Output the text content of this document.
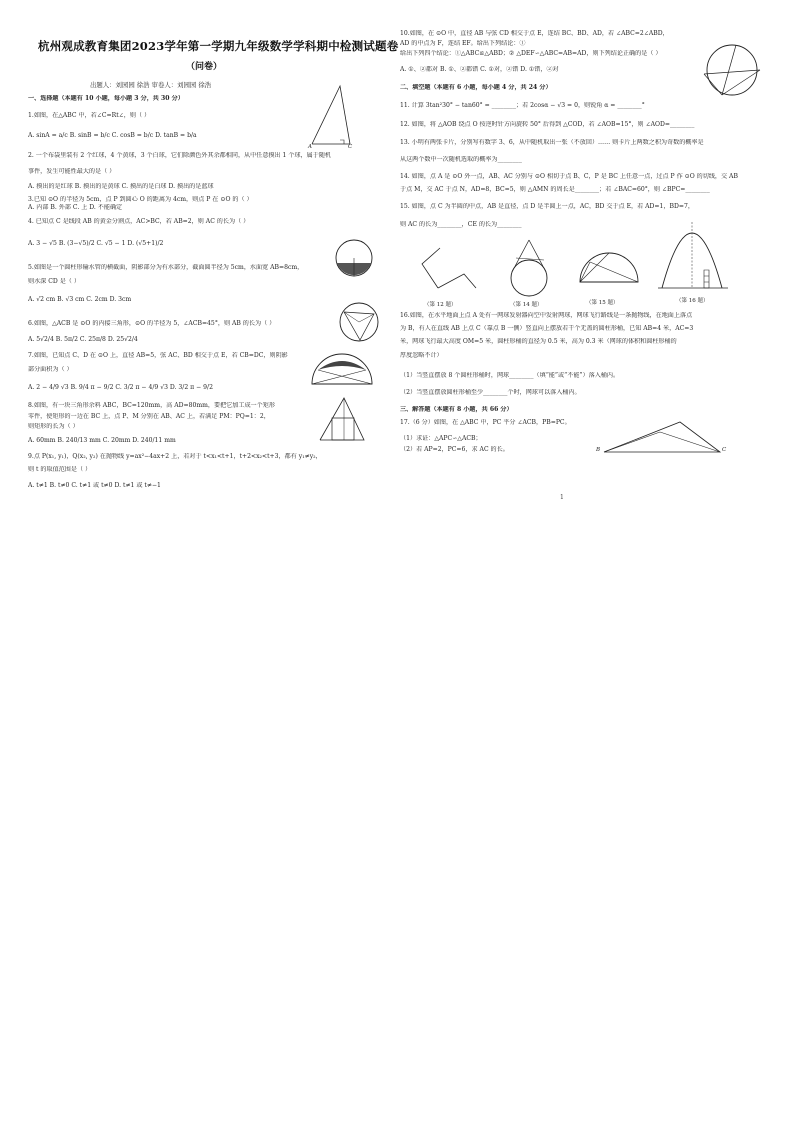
杭州观成教育集团2023学年第一学期九年级数学学科期中检测试题卷
（问卷）
出题人：刘园园 徐浩 审卷人：刘园园 徐浩
一、选择题（本题有 10 小题，每小题 3 分，共 30 分）
1.如图，在△ABC 中，若∠C=Rt∠，则（ ）
A. sinA = a/c B. sinB = b/c C. cosB = b/c D. tanB = b/a
2. 一个布袋里装有 2 个红球，4 个黄球，3 个白球，它们除颜色外其余都相同，从中任意摸出 1 个球，属于随机
事件，发生可能性最大的是（ ）
A. 摸出的是红球 B. 摸出的是黄球 C. 摸出的是白球 D. 摸出的是蓝球
3.已知 ⊙O 的半径为 5cm，点 P 到圆心 O 的距离为 4cm，则点 P 在 ⊙O 的（ ）
A. 内部 B. 外部 C. 上 D. 不能确定
4. 已知点 C 是线段 AB 的黄金分割点，AC>BC，若 AB=2，则 AC 的长为（ ）
A. 3 − √5 B. (3−√5)/2 C. √5 − 1 D. (√5+1)/2
5.如图是一个圆柱形输水管的横截面，阴影部分为有水部分，截面圆半径为 5cm，水面宽 AB=8cm，
则水深 CD 是（ ）
A. √2 cm B. √3 cm C. 2cm D. 3cm
6.如图，△ACB 是 ⊙O 的内接三角形，⊙O 的半径为 5，∠ACB=45°，则 AB 的长为（ ）
A. 5√2/4 B. 5π/2 C. 25π/8 D. 25√2/4
7.如图，已知点 C、D 在 ⊙O 上，直径 AB=5，弦 AC、BD 相交于点 E，若 CB=DC，则阴影
部分面积为（ ）
A. 2 − 4/9 √3 B. 9/4 π − 9/2 C. 3/2 π − 4/9 √3 D. 3/2 π − 9/2
8.如图，有一块三角形余料 ABC，BC=120mm，高 AD=80mm，要把它加工成一个矩形
零件，使矩形的一边在 BC 上，点 P、M 分别在 AB、AC 上，若满足 PM：PQ=1：2，
则矩形的长为（ ）
A. 60mm B. 240/13 mm C. 20mm D. 240/11 mm
9.点 P(x₁, y₁)，Q(x₂, y₂) 在抛物线 y=ax²−4ax+2 上，若对于 t<x₁<t+1，t+2<x₂<t+3，都有 y₁≠y₂，
则 t 的取值范围是（ ）
A. t≠1 B. t≠0 C. t≠1 或 t≠0 D. t≠1 或 t≠−1
A	C
10.如图，在 ⊙O 中，直径 AB 与弦 CD 相交于点 E，连结 BC、BD、AD，若 ∠ABC=2∠ABD，
AD 的中点为 F，连结 EF。给出下列结论：①
给出下列四个结论：①△ABC≌△ABD；② △DEF∽△ABC=AB=AD，则下列结论正确的是（ ）
A. ①、②都对 B. ①、②都错 C. ①对，②错 D. ①错，②对
二、填空题（本题有 6 小题，每小题 4 分，共 24 分）
11. 计算 3tan²30° − tan60° = ________；若 2cosα − √3 = 0，则锐角 α = ________°
12. 如图，将 △AOB 绕点 O 按逆时针方向旋转 50° 后得到 △COD，若 ∠AOB=15°，则 ∠AOD=________
13. 小明有两张卡片，分别写有数字 3、6，从中随机取出一张（不放回）…… 则卡片上两数之积为奇数的概率是
从这两个数中一次随机选取的概率为________
14. 如图，点 A 是 ⊙O 外一点，AB、AC 分别与 ⊙O 相切于点 B、C，P 是 BC 上任意一点，过点 P 作 ⊙O 的切线，交 AB
于点 M，交 AC 于点 N，AD=8，BC=5，则 △AMN 的周长是________；若 ∠BAC=60°，则 ∠BPC=________
15. 如图，点 C 为半圆的中点，AB 是直径，点 D 是半圆上一点，AC，BD 交于点 E，若 AD=1，BD=7，
则 AC 的长为________，CE 的长为________
16.如图，在水平地面上点 A 处有一网球发射器向空中发射网球，网球飞行路线是一条抛物线，在地面上落点
为 B，有人在直线 AB 上点 C（靠点 B 一侧）竖直向上摆放若干个无盖的圆柱形桶，已知 AB=4 米，AC=3
米，网球飞行最大高度 OM=5 米，圆柱形桶的直径为 0.5 米，高为 0.3 米（网球的体积和圆柱形桶的
厚度忽略不计）
（1）当竖直摆放 8 个圆柱形桶时，网球________（填“能”或“不能”）落入桶内。
（2）当竖直摆放圆柱形桶至少________个时，网球可以落入桶内。
三、解答题（本题有 8 小题，共 66 分）
17.（6 分）如图，在 △ABC 中，PC 平分 ∠ACB，PB=PC。
（1）求证：△APC∽△ACB；
（2）若 AP=2，PC=6，求 AC 的长。
（第 12 题）	（第 14 题）	（第 15 题）	（第 16 题）
B	C
1
